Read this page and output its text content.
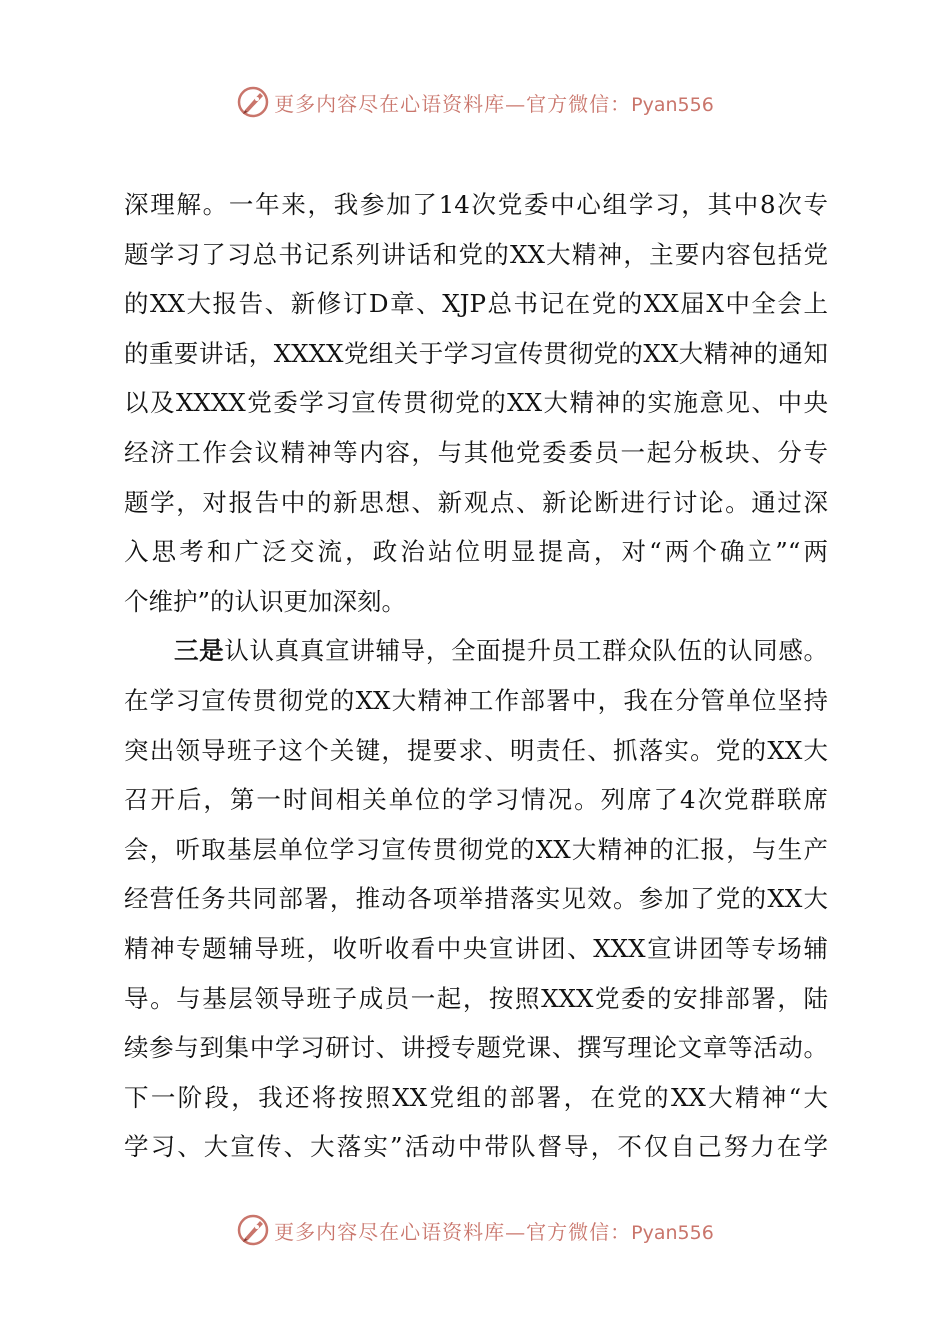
更多内容尽在心语资料库—官方微信：Pyan556
深理解。一年来，我参加了14次党委中心组学习，其中8次专
题学习了习总书记系列讲话和党的XX大精神，主要内容包括党
的XX大报告、新修订D章、XJP总书记在党的XX届X中全会上
的重要讲话，XXXX党组关于学习宣传贯彻党的XX大精神的通知
以及XXXX党委学习宣传贯彻党的XX大精神的实施意见、中央
经济工作会议精神等内容，与其他党委委员一起分板块、分专
题学，对报告中的新思想、新观点、新论断进行讨论。通过深
入思考和广泛交流，政治站位明显提高，对“两个确立”“两
个维护”的认识更加深刻。
三是认认真真宣讲辅导，全面提升员工群众队伍的认同感。
在学习宣传贯彻党的XX大精神工作部署中，我在分管单位坚持
突出领导班子这个关键，提要求、明责任、抓落实。党的XX大
召开后，第一时间相关单位的学习情况。列席了4次党群联席
会，听取基层单位学习宣传贯彻党的XX大精神的汇报，与生产
经营任务共同部署，推动各项举措落实见效。参加了党的XX大
精神专题辅导班，收听收看中央宣讲团、XXX宣讲团等专场辅
导。与基层领导班子成员一起，按照XXX党委的安排部署，陆
续参与到集中学习研讨、讲授专题党课、撰写理论文章等活动。
下一阶段，我还将按照XX党组的部署，在党的XX大精神“大
学习、大宣传、大落实”活动中带队督导，不仅自己努力在学
更多内容尽在心语资料库—官方微信：Pyan556
